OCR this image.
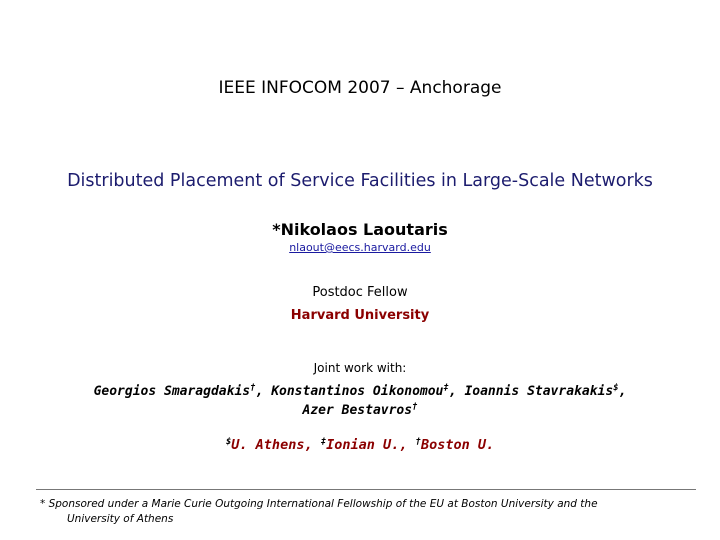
IEEE INFOCOM 2007 – Anchorage
Distributed Placement of Service Facilities in Large-Scale Networks
*Nikolaos Laoutaris
nlaout@eecs.harvard.edu
Postdoc Fellow
Harvard University
Joint work with:
Georgios Smaragdakis†, Konstantinos Oikonomou‡, Ioannis Stavrakakis$,
Azer Bestavros†
$U. Athens, ‡Ionian U., †Boston U.
* Sponsored under a Marie Curie Outgoing International Fellowship of the EU at Boston University and the
University of Athens
